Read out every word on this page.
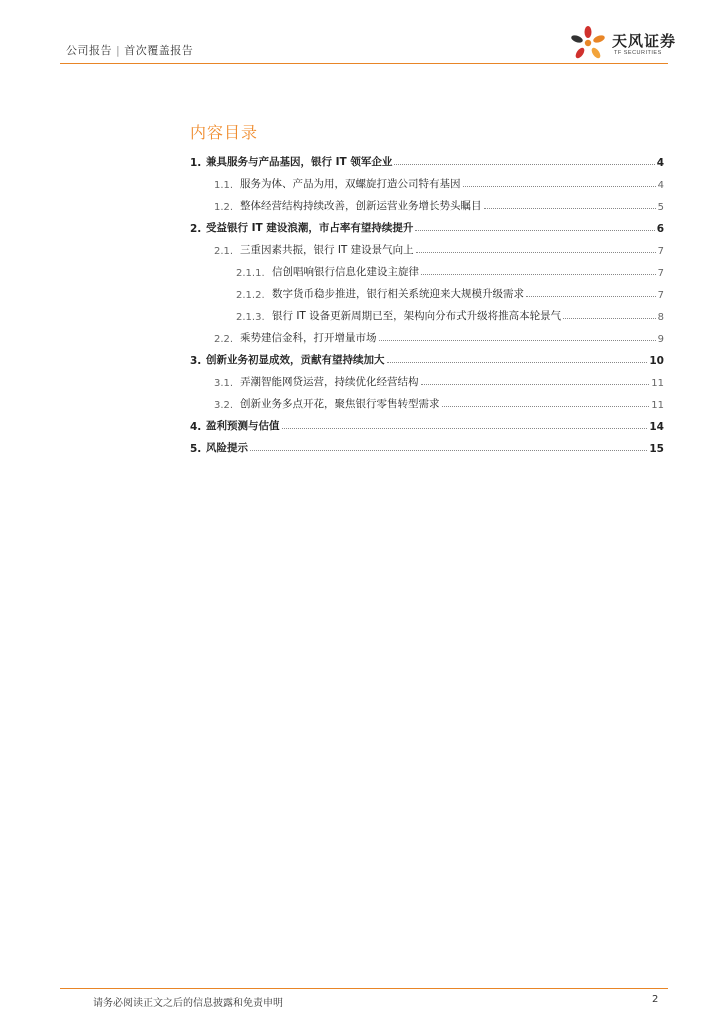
公司报告 | 首次覆盖报告
天风证券
TF SECURITIES
内容目录
1. 兼具服务与产品基因，银行 IT 领军企业	4
1.1. 服务为体、产品为用，双螺旋打造公司特有基因	4
1.2. 整体经营结构持续改善，创新运营业务增长势头瞩目	5
2. 受益银行 IT 建设浪潮，市占率有望持续提升	6
2.1. 三重因素共振，银行 IT 建设景气向上	7
2.1.1. 信创唱响银行信息化建设主旋律	7
2.1.2. 数字货币稳步推进，银行相关系统迎来大规模升级需求	7
2.1.3. 银行 IT 设备更新周期已至，架构向分布式升级将推高本轮景气	8
2.2. 乘势建信金科，打开增量市场	9
3. 创新业务初显成效，贡献有望持续加大	10
3.1. 弄潮智能网贷运营，持续优化经营结构	11
3.2. 创新业务多点开花，聚焦银行零售转型需求	11
4. 盈利预测与估值	14
5. 风险提示	15
请务必阅读正文之后的信息披露和免责申明	2
